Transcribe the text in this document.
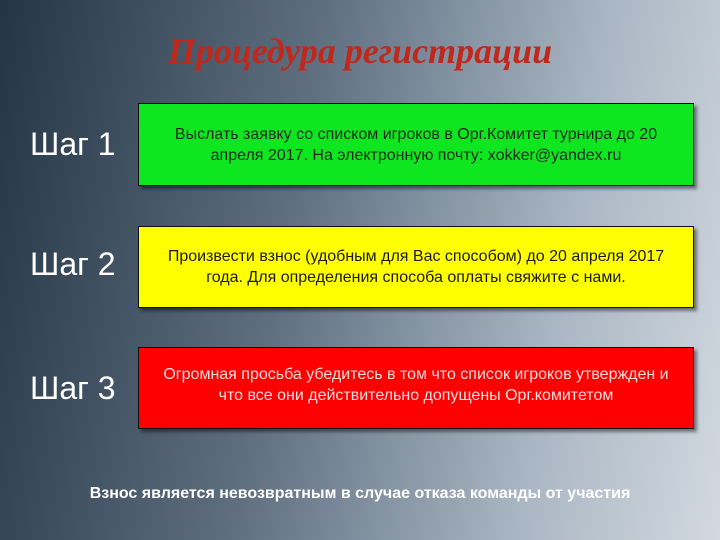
Процедура регистрации
Шаг 1	Выслать заявку со списком игроков в Орг.Комитет турнира до 20 апреля 2017. На электронную почту: xokker@yandex.ru
Шаг 2	Произвести взнос (удобным для Вас способом) до 20 апреля 2017 года. Для определения способа оплаты свяжите с нами.
Шаг 3	Огромная просьба убедитесь в том что список игроков утвержден и что все они действительно допущены Орг.комитетом
Взнос является невозвратным в случае отказа команды от участия
